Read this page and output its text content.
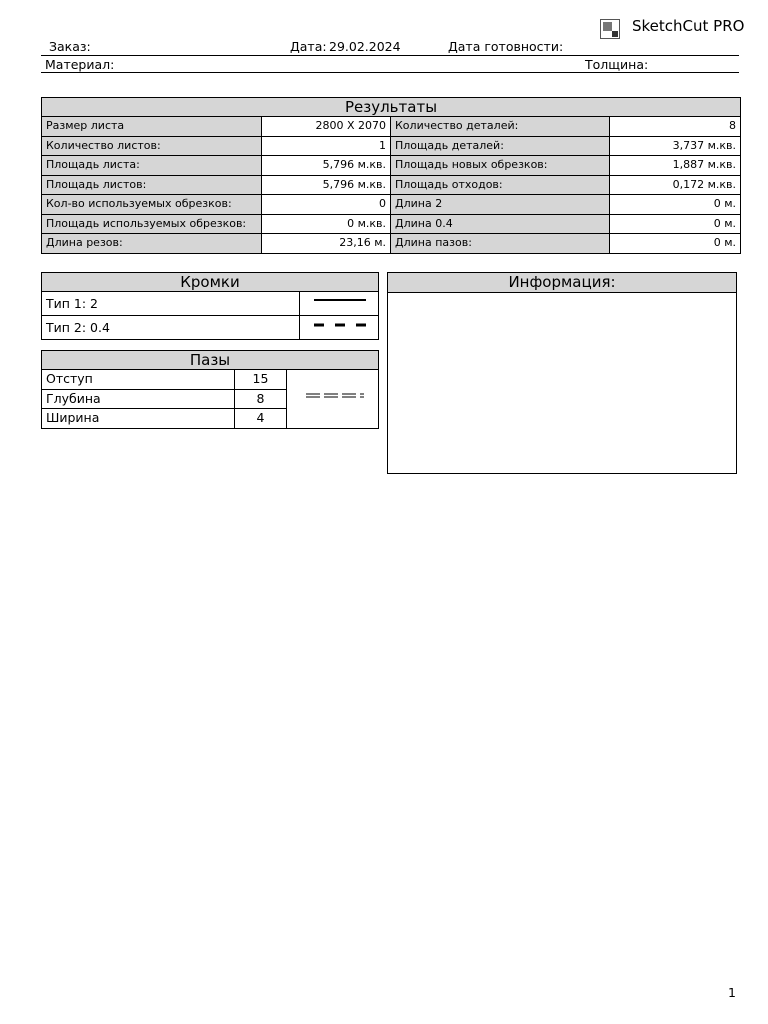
SketchCut PRO
Заказ:	Дата: 29.02.2024	Дата готовности:
Материал:	Толщина:
Результаты			
Размер листа	2800 X 2070	Количество деталей:	8
Количество листов:	1	Площадь деталей:	3,737 м.кв.
Площадь листа:	5,796 м.кв.	Площадь новых обрезков:	1,887 м.кв.
Площадь листов:	5,796 м.кв.	Площадь отходов:	0,172 м.кв.
Кол-во используемых обрезков:	0	Длина 2	0 м.
Площадь используемых обрезков:	0 м.кв.	Длина 0.4	0 м.
Длина резов:	23,16 м.	Длина пазов:	0 м.
Кромки	
Тип 1: 2	
Тип 2: 0.4	
Пазы		
Отступ	15	
Глубина	8	
Ширина	4	
Информация:
1
